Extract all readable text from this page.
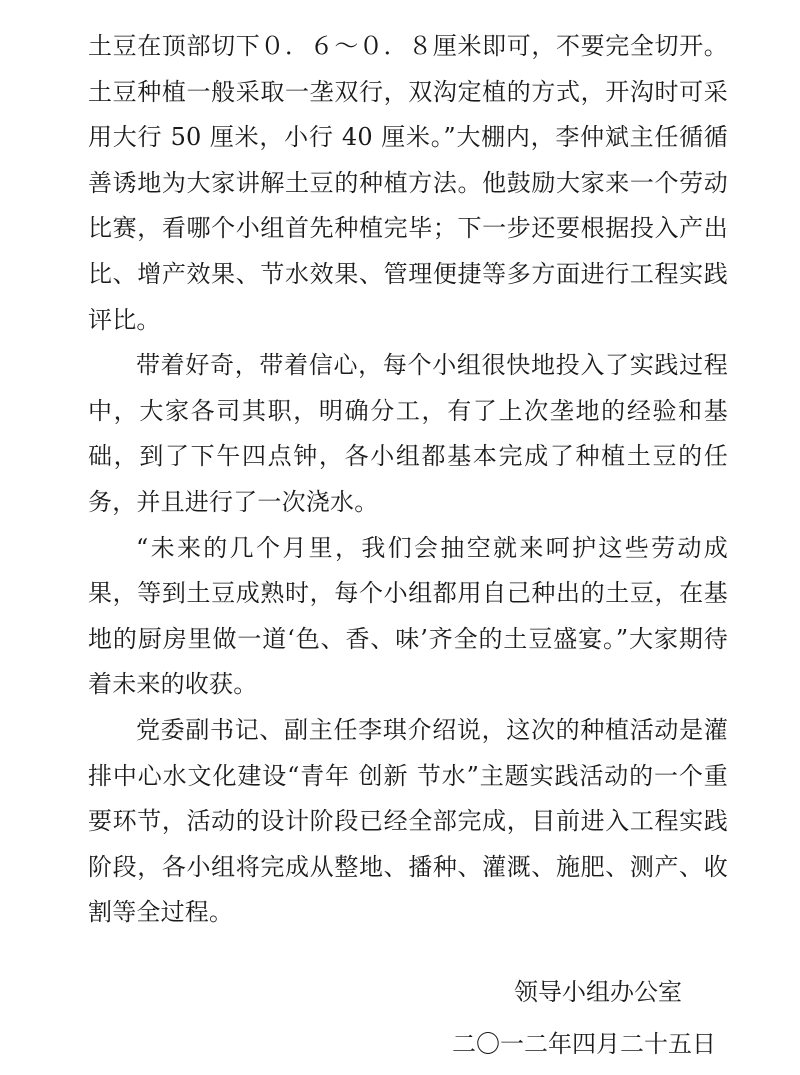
土豆在顶部切下０．６～０．８厘米即可，不要完全切开。土豆种植一般采取一垄双行，双沟定植的方式，开沟时可采用大行 50 厘米，小行 40 厘米。”大棚内，李仲斌主任循循善诱地为大家讲解土豆的种植方法。他鼓励大家来一个劳动比赛，看哪个小组首先种植完毕；下一步还要根据投入产出比、增产效果、节水效果、管理便捷等多方面进行工程实践评比。

带着好奇，带着信心，每个小组很快地投入了实践过程中，大家各司其职，明确分工，有了上次垄地的经验和基础，到了下午四点钟，各小组都基本完成了种植土豆的任务，并且进行了一次浇水。

“未来的几个月里，我们会抽空就来呵护这些劳动成果，等到土豆成熟时，每个小组都用自己种出的土豆，在基地的厨房里做一道‘色、香、味’齐全的土豆盛宴。”大家期待着未来的收获。

党委副书记、副主任李琪介绍说，这次的种植活动是灌排中心水文化建设“青年 创新 节水”主题实践活动的一个重要环节，活动的设计阶段已经全部完成，目前进入工程实践阶段，各小组将完成从整地、播种、灌溉、施肥、测产、收割等全过程。

领导小组办公室
二〇一二年四月二十五日
